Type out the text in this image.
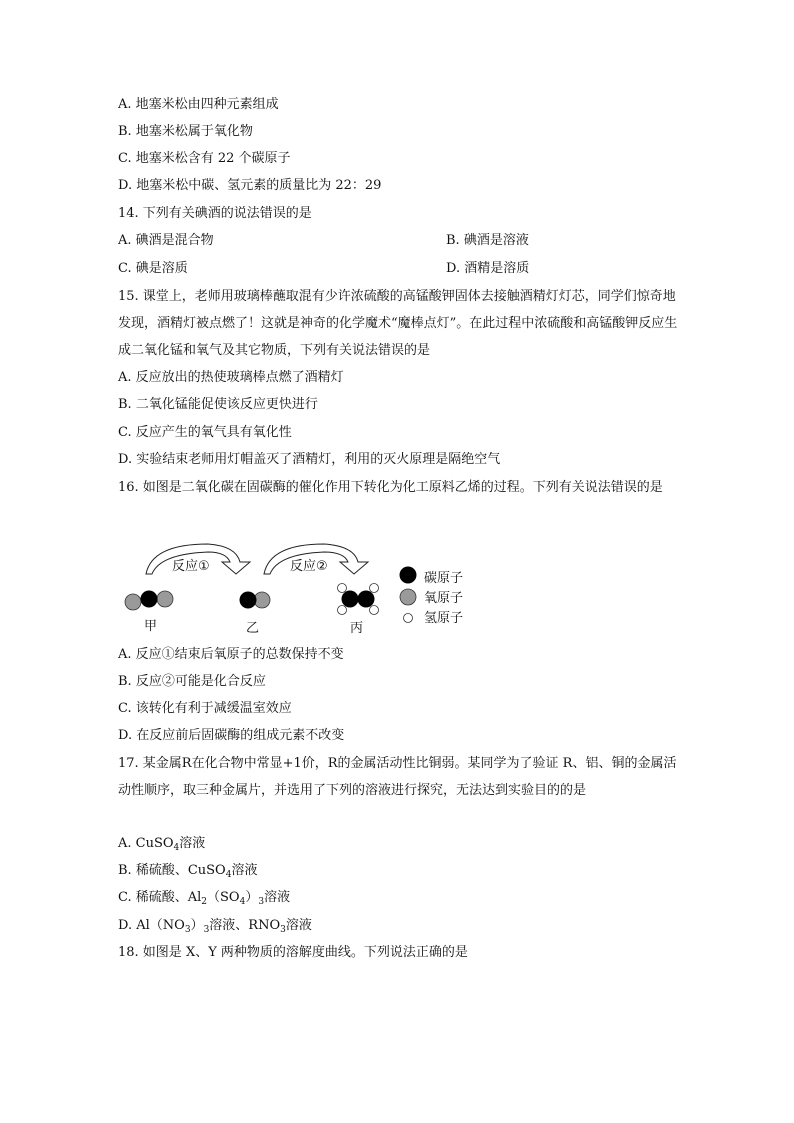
A. 地塞米松由四种元素组成
B. 地塞米松属于氧化物
C. 地塞米松含有 22 个碳原子
D. 地塞米松中碳、氢元素的质量比为 22：29
14. 下列有关碘酒的说法错误的是
A. 碘酒是混合物	B. 碘酒是溶液
C. 碘是溶质	D. 酒精是溶质
15. 课堂上，老师用玻璃棒蘸取混有少许浓硫酸的高锰酸钾固体去接触酒精灯灯芯，同学们惊奇地发现，酒精灯被点燃了！这就是神奇的化学魔术“魔棒点灯”。在此过程中浓硫酸和高锰酸钾反应生成二氧化锰和氧气及其它物质，下列有关说法错误的是
A. 反应放出的热使玻璃棒点燃了酒精灯
B. 二氧化锰能促使该反应更快进行
C. 反应产生的氧气具有氧化性
D. 实验结束老师用灯帽盖灭了酒精灯，利用的灭火原理是隔绝空气
16. 如图是二氧化碳在固碳酶的催化作用下转化为化工原料乙烯的过程。下列有关说法错误的是
反应①	反应②
甲	乙	丙
碳原子
氧原子
氢原子
A. 反应①结束后氧原子的总数保持不变
B. 反应②可能是化合反应
C. 该转化有利于减缓温室效应
D. 在反应前后固碳酶的组成元素不改变
17. 某金属R在化合物中常显+1价，R的金属活动性比铜弱。某同学为了验证 R、铝、铜的金属活动性顺序，取三种金属片，并选用了下列的溶液进行探究，无法达到实验目的的是
A. CuSO$_4$溶液
B. 稀硫酸、CuSO$_4$溶液
C. 稀硫酸、$Al_2(SO_4)_3$溶液
D. $Al(NO_3)_3$溶液、$RNO_3$溶液
18. 如图是 X、Y 两种物质的溶解度曲线。下列说法正确的是
